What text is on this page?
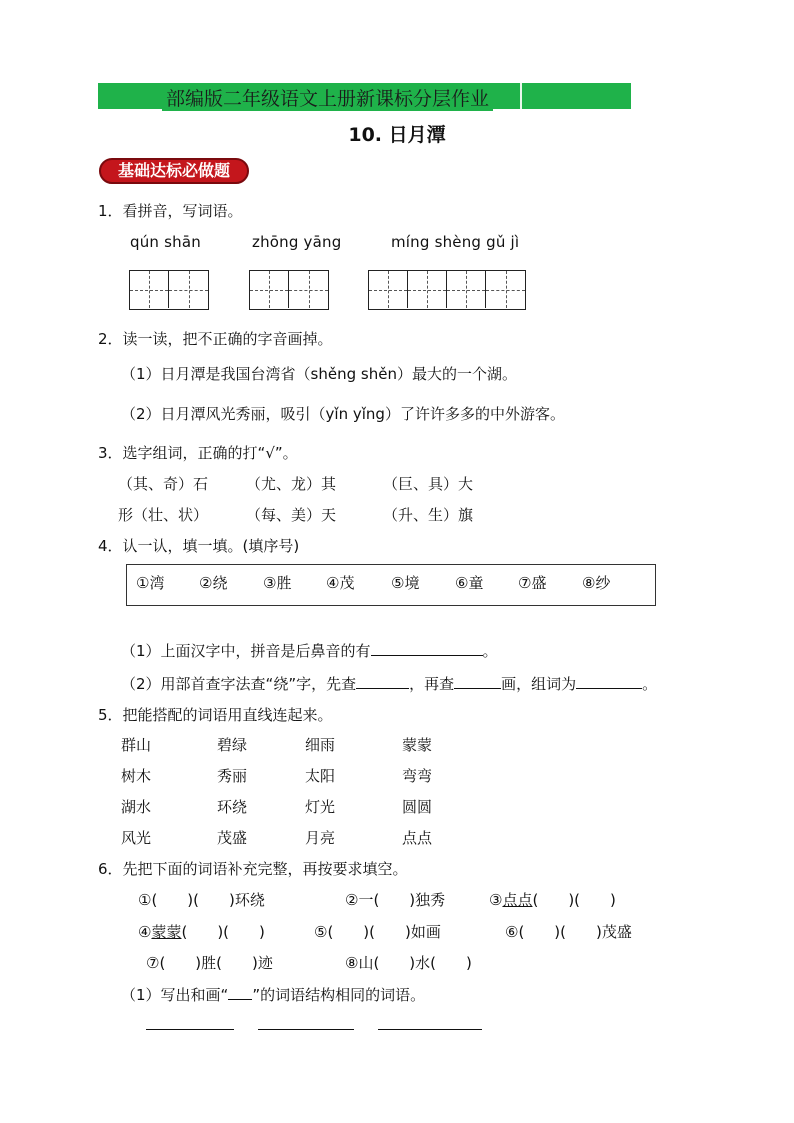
部编版二年级语文上册新课标分层作业
10. 日月潭
基础达标必做题
1．看拼音，写词语。
qún shān	zhōng yāng	míng shèng gǔ jì
2．读一读，把不正确的字音画掉。
（1）日月潭是我国台湾省（shěng shěn）最大的一个湖。
（2）日月潭风光秀丽，吸引（yǐn yǐng）了许许多多的中外游客。
3．选字组词，正确的打“√”。
（其、奇）石	（尤、龙）其	（巨、具）大
形（壮、状）	（每、美）天	（升、生）旗
4．认一认，填一填。(填序号)
①湾 ②绕 ③胜 ④茂 ⑤境 ⑥童 ⑦盛 ⑧纱
（1）上面汉字中，拼音是后鼻音的有	。
（2）用部首查字法查“绕”字，先查	，再查	画，组词为	。
5．把能搭配的词语用直线连起来。
群山	碧绿	细雨	蒙蒙
树木	秀丽	太阳	弯弯
湖水	环绕	灯光	圆圆
风光	茂盛	月亮	点点
6．先把下面的词语补充完整，再按要求填空。
①(　　)(　　)环绕	②一(　　)独秀	③点点(　　)(　　)
④蒙蒙(　　)(　　)	⑤(　　)(　　)如画	⑥(　　)(　　)茂盛
⑦(　　)胜(　　)迹	⑧山(　　)水(　　)
（1）写出和画“ ”的词语结构相同的词语。
